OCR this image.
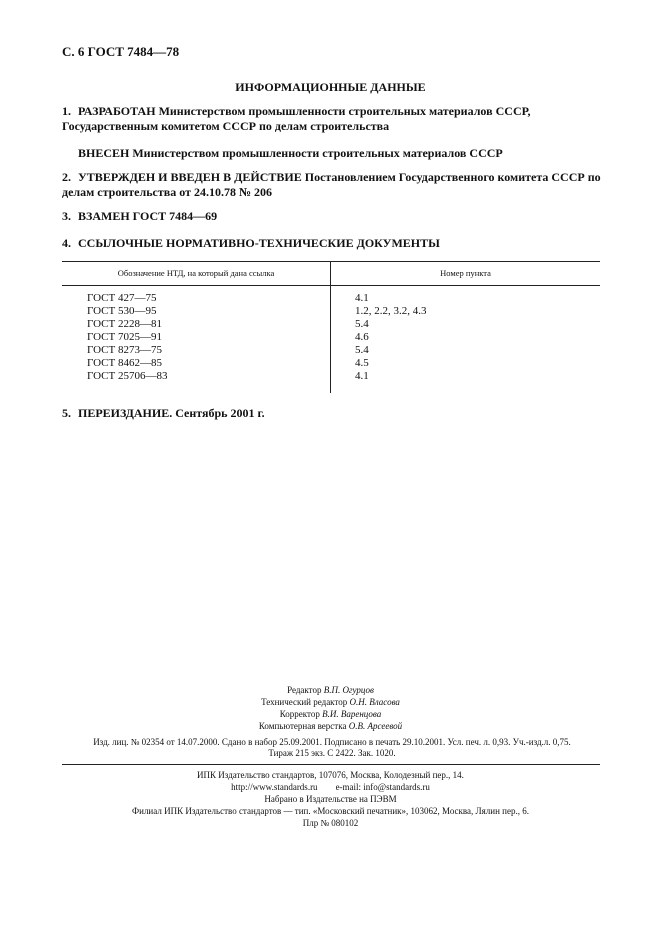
С. 6 ГОСТ 7484—78
ИНФОРМАЦИОННЫЕ ДАННЫЕ
1. РАЗРАБОТАН Министерством промышленности строительных материалов СССР, Государственным комитетом СССР по делам строительства
ВНЕСЕН Министерством промышленности строительных материалов СССР
2. УТВЕРЖДЕН И ВВЕДЕН В ДЕЙСТВИЕ Постановлением Государственного комитета СССР по делам строительства от 24.10.78 № 206
3. ВЗАМЕН ГОСТ 7484—69
4. ССЫЛОЧНЫЕ НОРМАТИВНО-ТЕХНИЧЕСКИЕ ДОКУМЕНТЫ
Обозначение НТД, на который дана ссылка	Номер пункта
ГОСТ 427—75	4.1
ГОСТ 530—95	1.2, 2.2, 3.2, 4.3
ГОСТ 2228—81	5.4
ГОСТ 7025—91	4.6
ГОСТ 8273—75	5.4
ГОСТ 8462—85	4.5
ГОСТ 25706—83	4.1
5. ПЕРЕИЗДАНИЕ. Сентябрь 2001 г.
Редактор В.П. Огурцов
Технический редактор О.Н. Власова
Корректор В.И. Варенцова
Компьютерная верстка О.В. Арсеевой
Изд. лиц. № 02354 от 14.07.2000. Сдано в набор 25.09.2001. Подписано в печать 29.10.2001. Усл. печ. л. 0,93. Уч.-изд.л. 0,75.
Тираж 215 экз. С 2422. Зак. 1020.
ИПК Издательство стандартов, 107076, Москва, Колодезный пер., 14.
http://www.standards.ru e-mail: info@standards.ru
Набрано в Издательстве на ПЭВМ
Филиал ИПК Издательство стандартов — тип. «Московский печатник», 103062, Москва, Лялин пер., 6.
Плр № 080102
